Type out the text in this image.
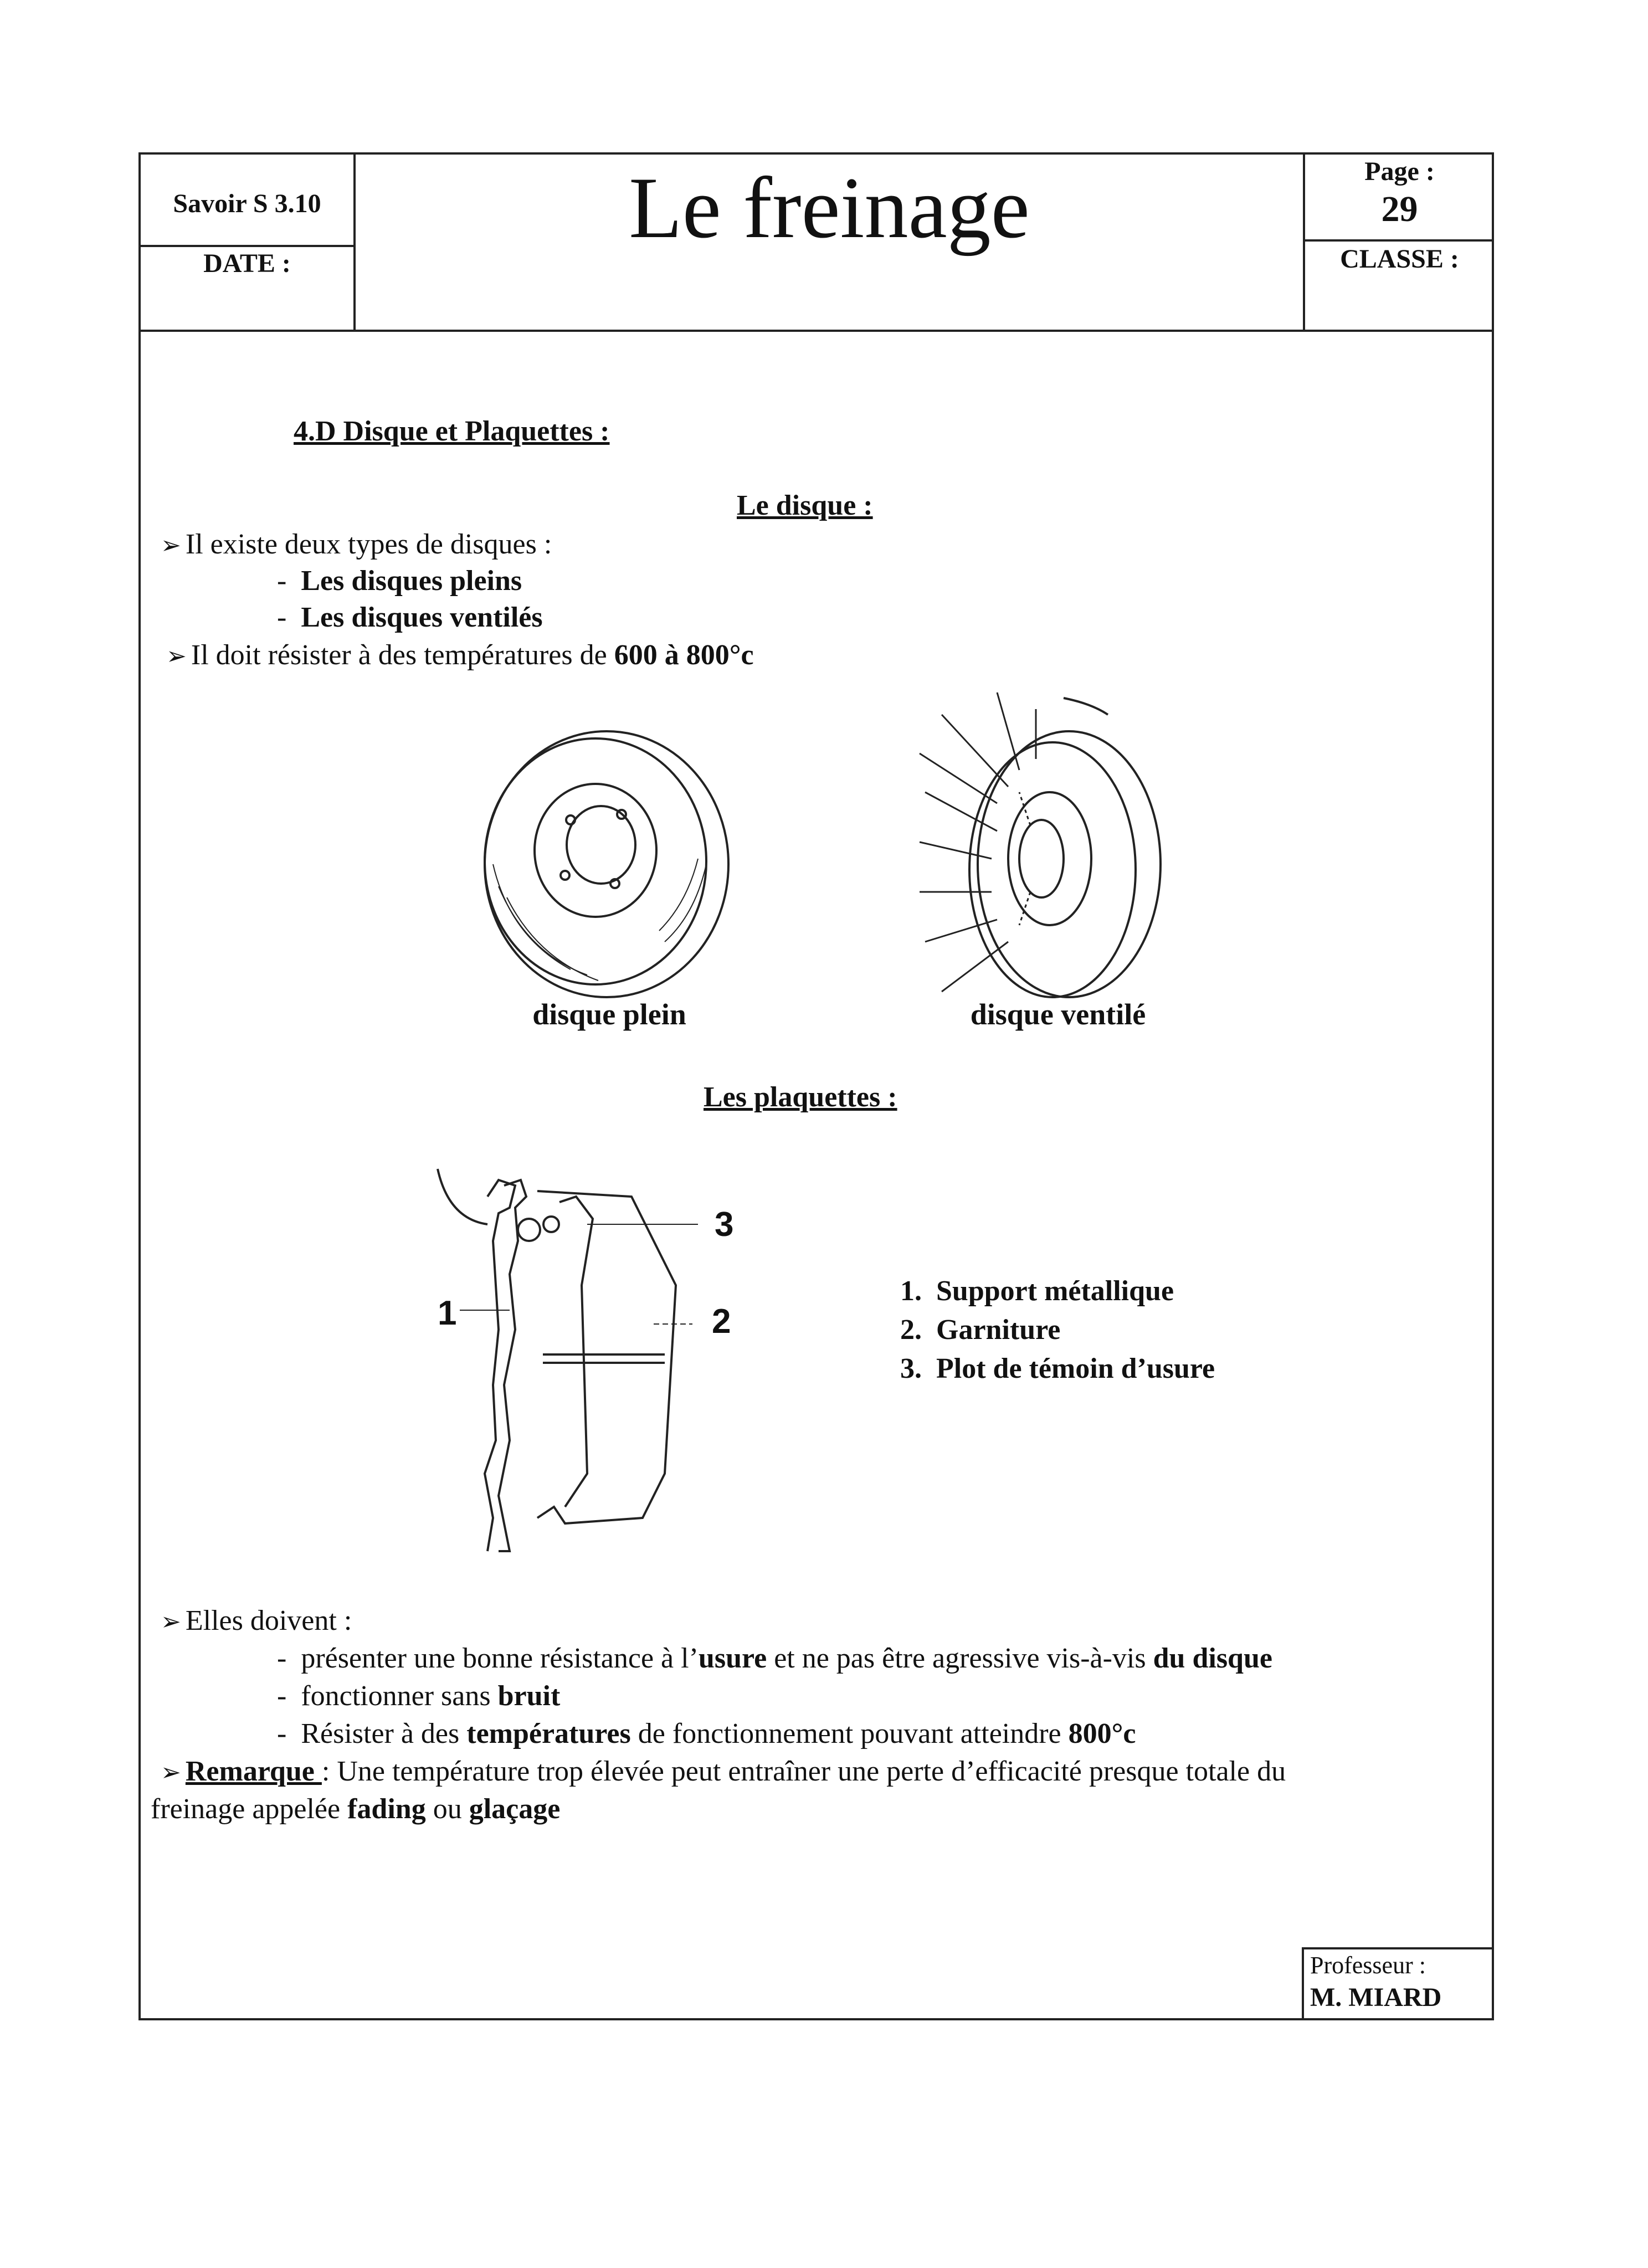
Savoir S 3.10
DATE :
Le freinage	Page :
29
CLASSE :
4.D Disque et Plaquettes :
Le disque :
➢ Il existe deux types de disques :
-  Les disques pleins
-  Les disques ventilés
➢ Il doit résister à des températures de 600 à 800°c
disque plein	disque ventilé
Les plaquettes :
3
2
1
1. Support métallique
2. Garniture
3. Plot de témoin d’usure
➢ Elles doivent :
-  présenter une bonne résistance à l’usure et ne pas être agressive vis-à-vis du disque
-  fonctionner sans bruit
-  Résister à des températures de fonctionnement pouvant atteindre 800°c
➢ Remarque : Une température trop élevée peut entraîner une perte d’efficacité presque totale du
freinage appelée fading ou glaçage
Professeur :
M. MIARD
